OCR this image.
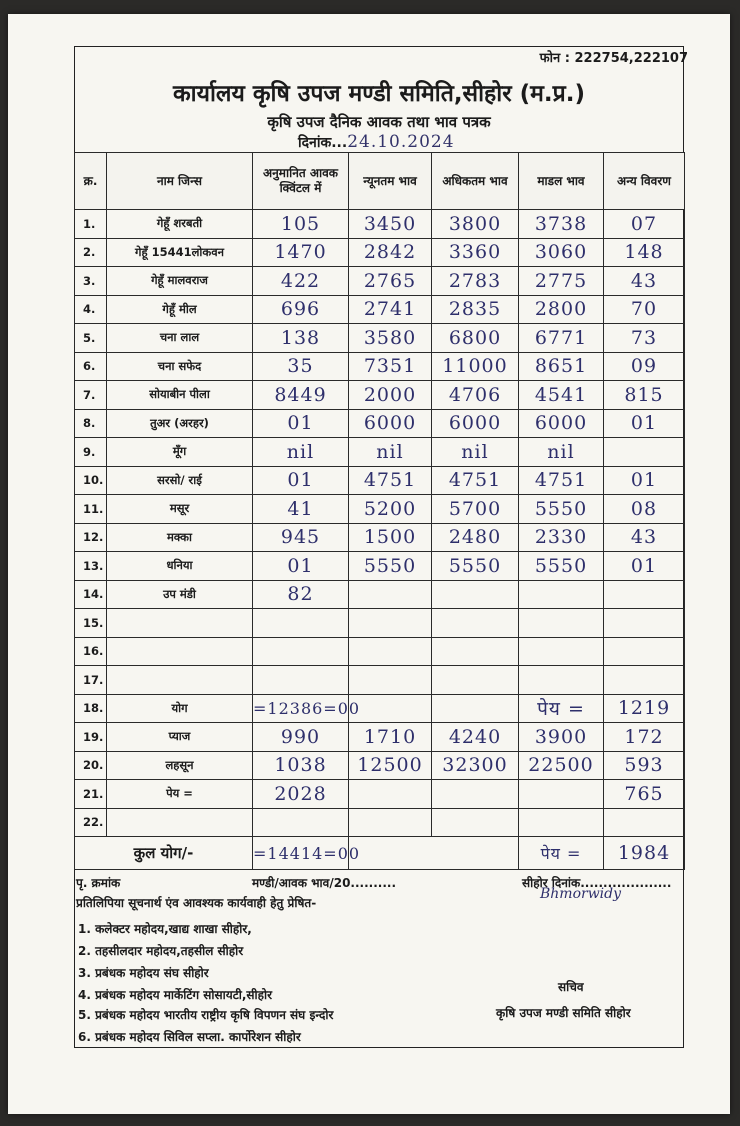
फोन : 222754,222107
कार्यालय कृषि उपज मण्डी समिति,सीहोर (म.प्र.)
कृषि उपज दैनिक आवक तथा भाव पत्रक
दिनांक...24.10.2024
क्र.	नाम जिन्स	अनुमानित आवक क्विंटल में	न्यूनतम भाव	अधिकतम भाव	माडल भाव	अन्य विवरण
1.	गेहूँ शरबती	105	3450	3800	3738	07
2.	गेहूँ 15441लोकवन	1470	2842	3360	3060	148
3.	गेहूँ मालवराज	422	2765	2783	2775	43
4.	गेहूँ मील	696	2741	2835	2800	70
5.	चना लाल	138	3580	6800	6771	73
6.	चना सफेद	35	7351	11000	8651	09
7.	सोयाबीन पीला	8449	2000	4706	4541	815
8.	तुअर (अरहर)	01	6000	6000	6000	01
9.	मूँग	nil	nil	nil	nil	
10.	सरसो/ राई	01	4751	4751	4751	01
11.	मसूर	41	5200	5700	5550	08
12.	मक्का	945	1500	2480	2330	43
13.	धनिया	01	5550	5550	5550	01
14.	उप मंडी	82				
15.						
16.						
17.						
18.	योग	=12386=00			पेय =	1219
19.	प्याज	990	1710	4240	3900	172
20.	लहसून	1038	12500	32300	22500	593
21.	पेय =	2028				765
22.						
कुल योग/-		=14414=00			पेय =	1984
पृ. क्रमांक	मण्डी/आवक भाव/20..........	सीहोर दिनांक....................
प्रतिलिपिया सूचनार्थ एंव आवश्यक कार्यवाही हेतु प्रेषित-
Bhmorwidy
1. कलेक्टर महोदय,खाद्य शाखा सीहोर,
2. तहसीलदार महोदय,तहसील सीहोर
3. प्रबंधक महोदय संघ सीहोर
4. प्रबंधक महोदय मार्केटिंग सोसायटी,सीहोर
5. प्रबंधक महोदय भारतीय राष्ट्रीय कृषि विपणन संघ इन्दोर
6. प्रबंधक महोदय सिविल सप्ला. कार्पोरेशन सीहोर
सचिव
कृषि उपज मण्डी समिति सीहोर
